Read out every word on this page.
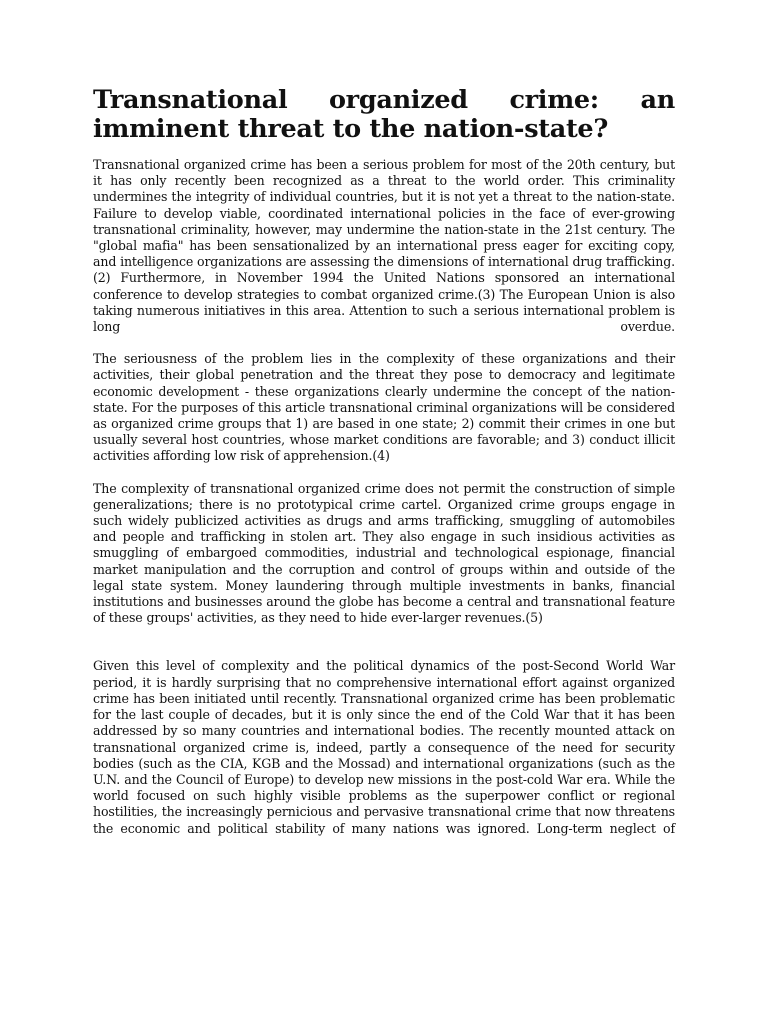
Transnational organized crime: an imminent threat to the nation-state?

Transnational organized crime has been a serious problem for most of the 20th century, but it has only recently been recognized as a threat to the world order. This criminality undermines the integrity of individual countries, but it is not yet a threat to the nation-state. Failure to develop viable, coordinated international policies in the face of ever-growing transnational criminality, however, may undermine the nation-state in the 21st century. The "global mafia" has been sensationalized by an international press eager for exciting copy, and intelligence organizations are assessing the dimensions of international drug trafficking. (2) Furthermore, in November 1994 the United Nations sponsored an international conference to develop strategies to combat organized crime.(3) The European Union is also taking numerous initiatives in this area. Attention to such a serious international problem is long overdue.

The seriousness of the problem lies in the complexity of these organizations and their activities, their global penetration and the threat they pose to democracy and legitimate economic development - these organizations clearly undermine the concept of the nation-state. For the purposes of this article transnational criminal organizations will be considered as organized crime groups that 1) are based in one state; 2) commit their crimes in one but usually several host countries, whose market conditions are favorable; and 3) conduct illicit activities affording low risk of apprehension.(4)

The complexity of transnational organized crime does not permit the construction of simple generalizations; there is no prototypical crime cartel. Organized crime groups engage in such widely publicized activities as drugs and arms trafficking, smuggling of automobiles and people and trafficking in stolen art. They also engage in such insidious activities as smuggling of embargoed commodities, industrial and technological espionage, financial market manipulation and the corruption and control of groups within and outside of the legal state system. Money laundering through multiple investments in banks, financial institutions and businesses around the globe has become a central and transnational feature of these groups' activities, as they need to hide ever-larger revenues.(5)

Given this level of complexity and the political dynamics of the post-Second World War period, it is hardly surprising that no comprehensive international effort against organized crime has been initiated until recently. Transnational organized crime has been problematic for the last couple of decades, but it is only since the end of the Cold War that it has been addressed by so many countries and international bodies. The recently mounted attack on transnational organized crime is, indeed, partly a consequence of the need for security bodies (such as the CIA, KGB and the Mossad) and international organizations (such as the U.N. and the Council of Europe) to develop new missions in the post-cold War era. While the world focused on such highly visible problems as the superpower conflict or regional hostilities, the increasingly pernicious and pervasive transnational crime that now threatens the economic and political stability of many nations was ignored. Long-term neglect of
